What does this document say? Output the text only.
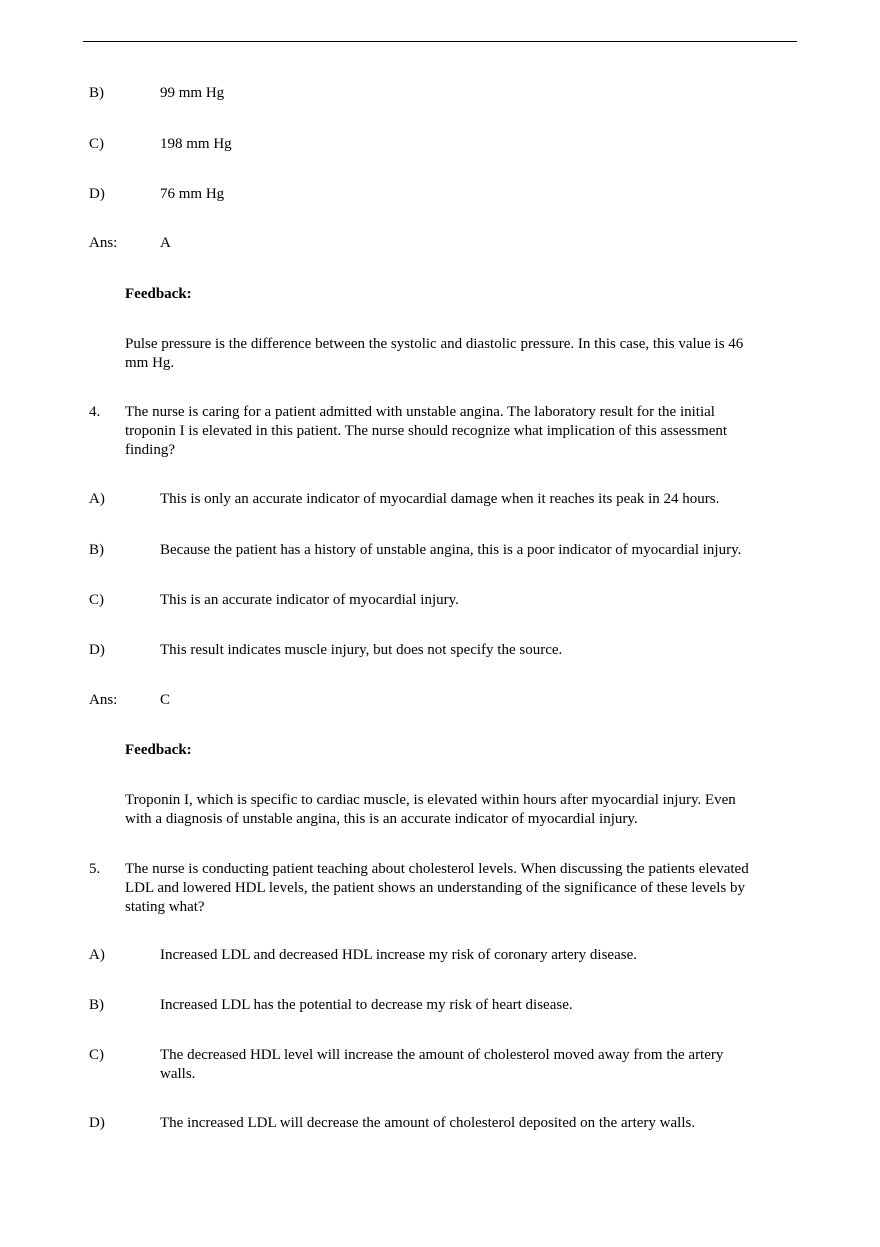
B)	99 mm Hg
C)	198 mm Hg
D)	76 mm Hg
Ans:	A
Feedback:
Pulse pressure is the difference between the systolic and diastolic pressure. In this case, this value is 46
mm Hg.
4. The nurse is caring for a patient admitted with unstable angina. The laboratory result for the initial
troponin I is elevated in this patient. The nurse should recognize what implication of this assessment
finding?
A)	This is only an accurate indicator of myocardial damage when it reaches its peak in 24 hours.
B)	Because the patient has a history of unstable angina, this is a poor indicator of myocardial injury.
C)	This is an accurate indicator of myocardial injury.
D)	This result indicates muscle injury, but does not specify the source.
Ans:	C
Feedback:
Troponin I, which is specific to cardiac muscle, is elevated within hours after myocardial injury. Even
with a diagnosis of unstable angina, this is an accurate indicator of myocardial injury.
5. The nurse is conducting patient teaching about cholesterol levels. When discussing the patients elevated
LDL and lowered HDL levels, the patient shows an understanding of the significance of these levels by
stating what?
A)	Increased LDL and decreased HDL increase my risk of coronary artery disease.
B)	Increased LDL has the potential to decrease my risk of heart disease.
C)	The decreased HDL level will increase the amount of cholesterol moved away from the artery
walls.
D)	The increased LDL will decrease the amount of cholesterol deposited on the artery walls.
